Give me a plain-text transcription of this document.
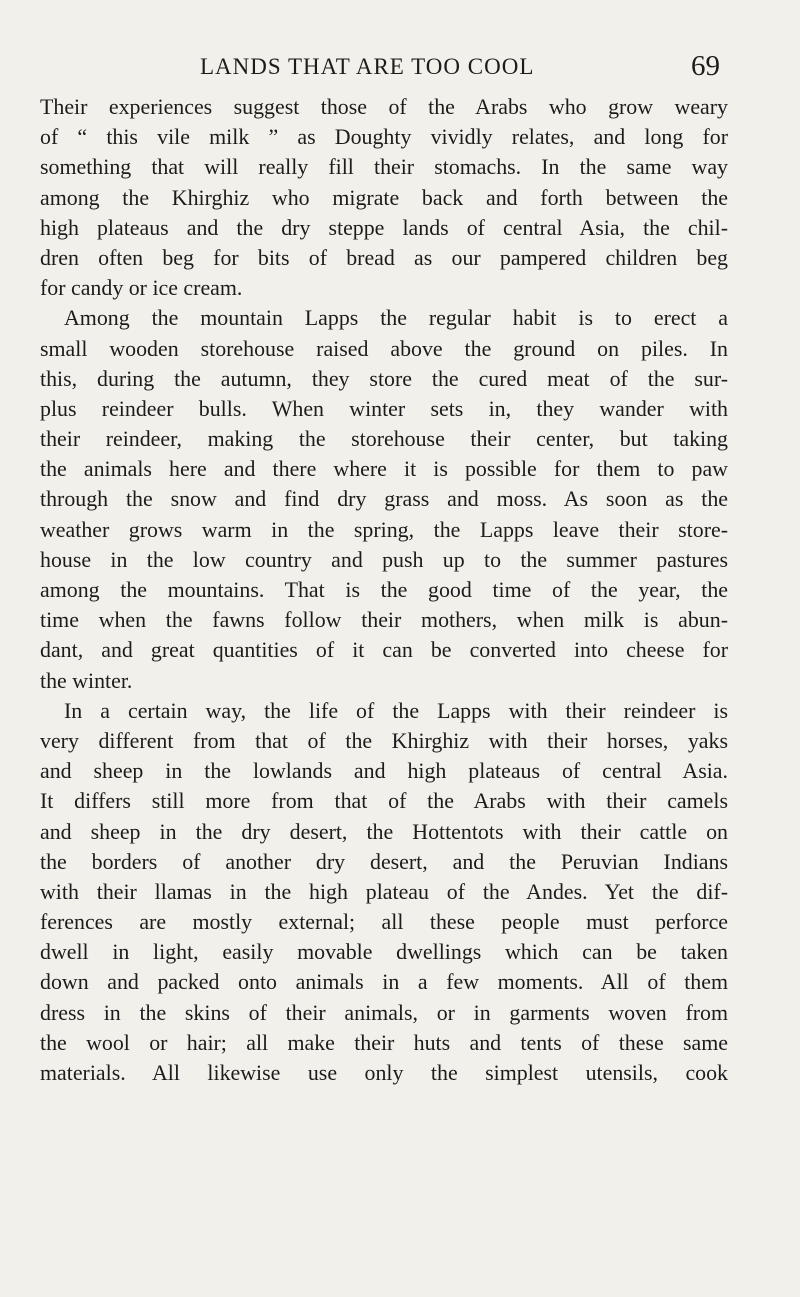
LANDS THAT ARE TOO COOL	69
Their experiences suggest those of the Arabs who grow weary
of “ this vile milk ” as Doughty vividly relates, and long for
something that will really fill their stomachs. In the same way
among the Khirghiz who migrate back and forth between the
high plateaus and the dry steppe lands of central Asia, the chil-
dren often beg for bits of bread as our pampered children beg
for candy or ice cream.
Among the mountain Lapps the regular habit is to erect a
small wooden storehouse raised above the ground on piles. In
this, during the autumn, they store the cured meat of the sur-
plus reindeer bulls. When winter sets in, they wander with
their reindeer, making the storehouse their center, but taking
the animals here and there where it is possible for them to paw
through the snow and find dry grass and moss. As soon as the
weather grows warm in the spring, the Lapps leave their store-
house in the low country and push up to the summer pastures
among the mountains. That is the good time of the year, the
time when the fawns follow their mothers, when milk is abun-
dant, and great quantities of it can be converted into cheese for
the winter.
In a certain way, the life of the Lapps with their reindeer is
very different from that of the Khirghiz with their horses, yaks
and sheep in the lowlands and high plateaus of central Asia.
It differs still more from that of the Arabs with their camels
and sheep in the dry desert, the Hottentots with their cattle on
the borders of another dry desert, and the Peruvian Indians
with their llamas in the high plateau of the Andes. Yet the dif-
ferences are mostly external; all these people must perforce
dwell in light, easily movable dwellings which can be taken
down and packed onto animals in a few moments. All of them
dress in the skins of their animals, or in garments woven from
the wool or hair; all make their huts and tents of these same
materials. All likewise use only the simplest utensils, cook
